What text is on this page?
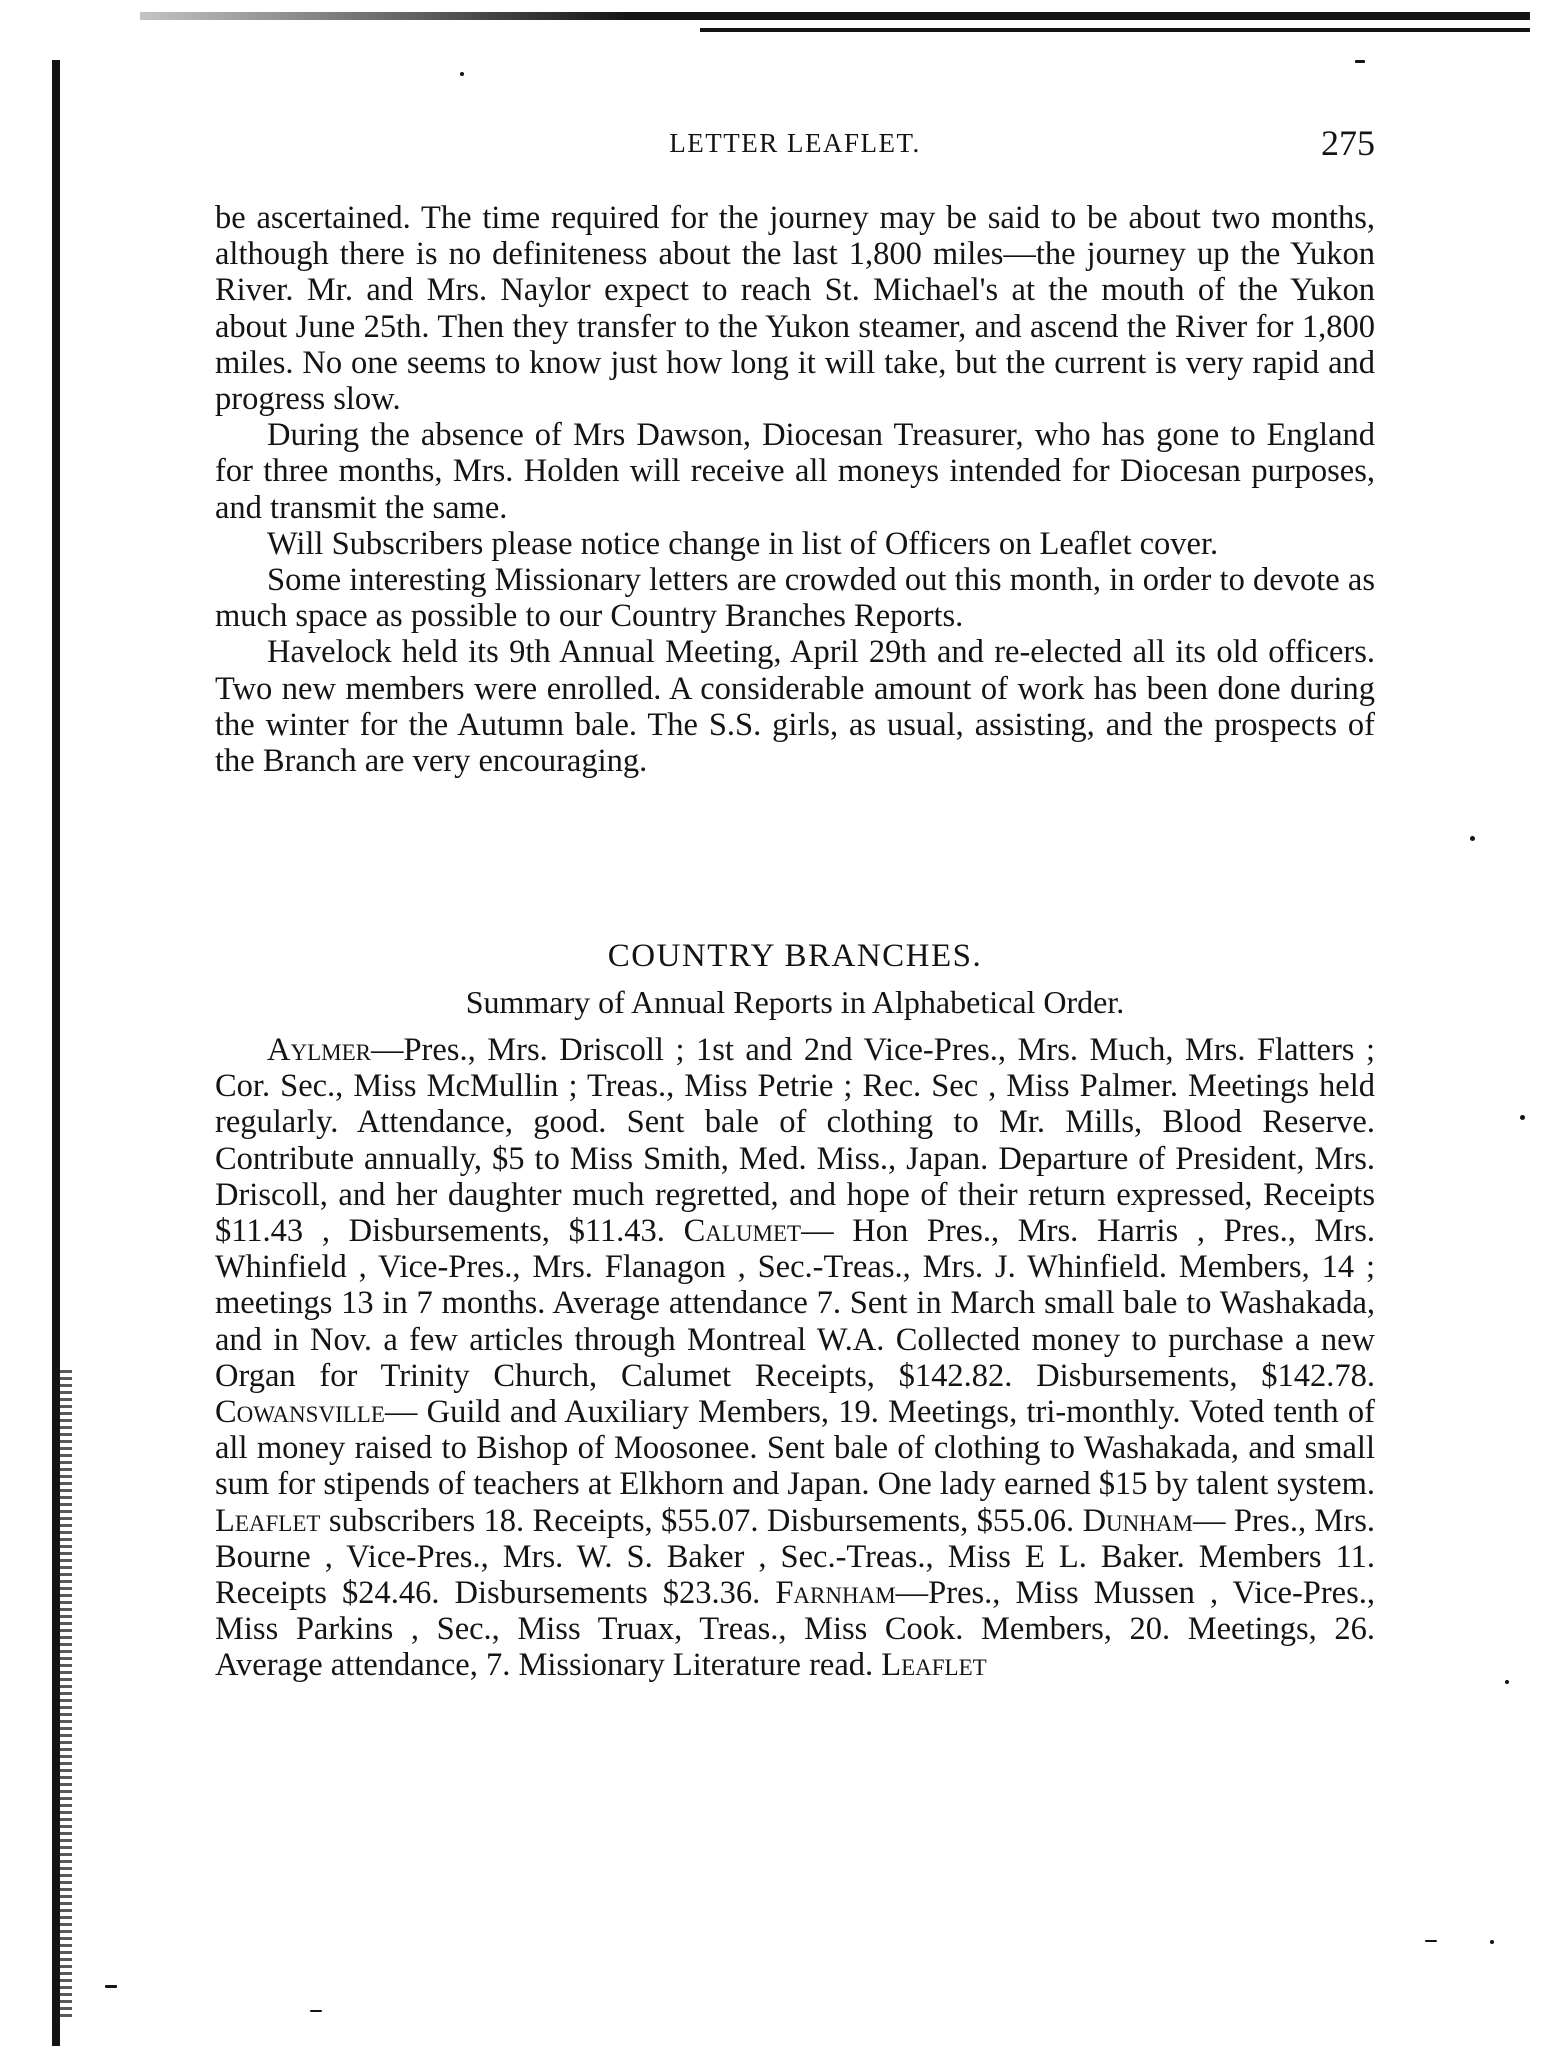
LETTER LEAFLET.	275

be ascertained. The time required for the journey may be said to be about two months, although there is no definiteness about the last 1,800 miles—the journey up the Yukon River. Mr. and Mrs. Naylor expect to reach St. Michael's at the mouth of the Yukon about June 25th. Then they transfer to the Yukon steamer, and ascend the River for 1,800 miles. No one seems to know just how long it will take, but the current is very rapid and progress slow.

During the absence of Mrs Dawson, Diocesan Treasurer, who has gone to England for three months, Mrs. Holden will receive all moneys intended for Diocesan purposes, and transmit the same.

Will Subscribers please notice change in list of Officers on Leaflet cover.

Some interesting Missionary letters are crowded out this month, in order to devote as much space as possible to our Country Branches Reports.

Havelock held its 9th Annual Meeting, April 29th and re-elected all its old officers. Two new members were enrolled. A considerable amount of work has been done during the winter for the Autumn bale. The S.S. girls, as usual, assisting, and the prospects of the Branch are very encouraging.

COUNTRY BRANCHES.
Summary of Annual Reports in Alphabetical Order.

Aylmer—Pres., Mrs. Driscoll ; 1st and 2nd Vice-Pres., Mrs. Much, Mrs. Flatters ; Cor. Sec., Miss McMullin ; Treas., Miss Petrie ; Rec. Sec , Miss Palmer. Meetings held regularly. Attendance, good. Sent bale of clothing to Mr. Mills, Blood Reserve. Contribute annually, $5 to Miss Smith, Med. Miss., Japan. Departure of President, Mrs. Driscoll, and her daughter much regretted, and hope of their return expressed, Receipts $11.43 , Disbursements, $11.43. Calumet— Hon Pres., Mrs. Harris , Pres., Mrs. Whinfield , Vice-Pres., Mrs. Flanagon , Sec.-Treas., Mrs. J. Whinfield. Members, 14 ; meetings 13 in 7 months. Average attendance 7. Sent in March small bale to Washakada, and in Nov. a few articles through Montreal W.A. Collected money to purchase a new Organ for Trinity Church, Calumet Receipts, $142.82. Disbursements, $142.78. Cowansville— Guild and Auxiliary Members, 19. Meetings, tri-monthly. Voted tenth of all money raised to Bishop of Moosonee. Sent bale of clothing to Washakada, and small sum for stipends of teachers at Elkhorn and Japan. One lady earned $15 by talent system. Leaflet subscribers 18. Receipts, $55.07. Disbursements, $55.06. Dunham— Pres., Mrs. Bourne , Vice-Pres., Mrs. W. S. Baker , Sec.-Treas., Miss E L. Baker. Members 11. Receipts $24.46. Disbursements $23.36. Farnham—Pres., Miss Mussen , Vice-Pres., Miss Parkins , Sec., Miss Truax, Treas., Miss Cook. Members, 20. Meetings, 26. Average attendance, 7. Missionary Literature read. Leaflet
